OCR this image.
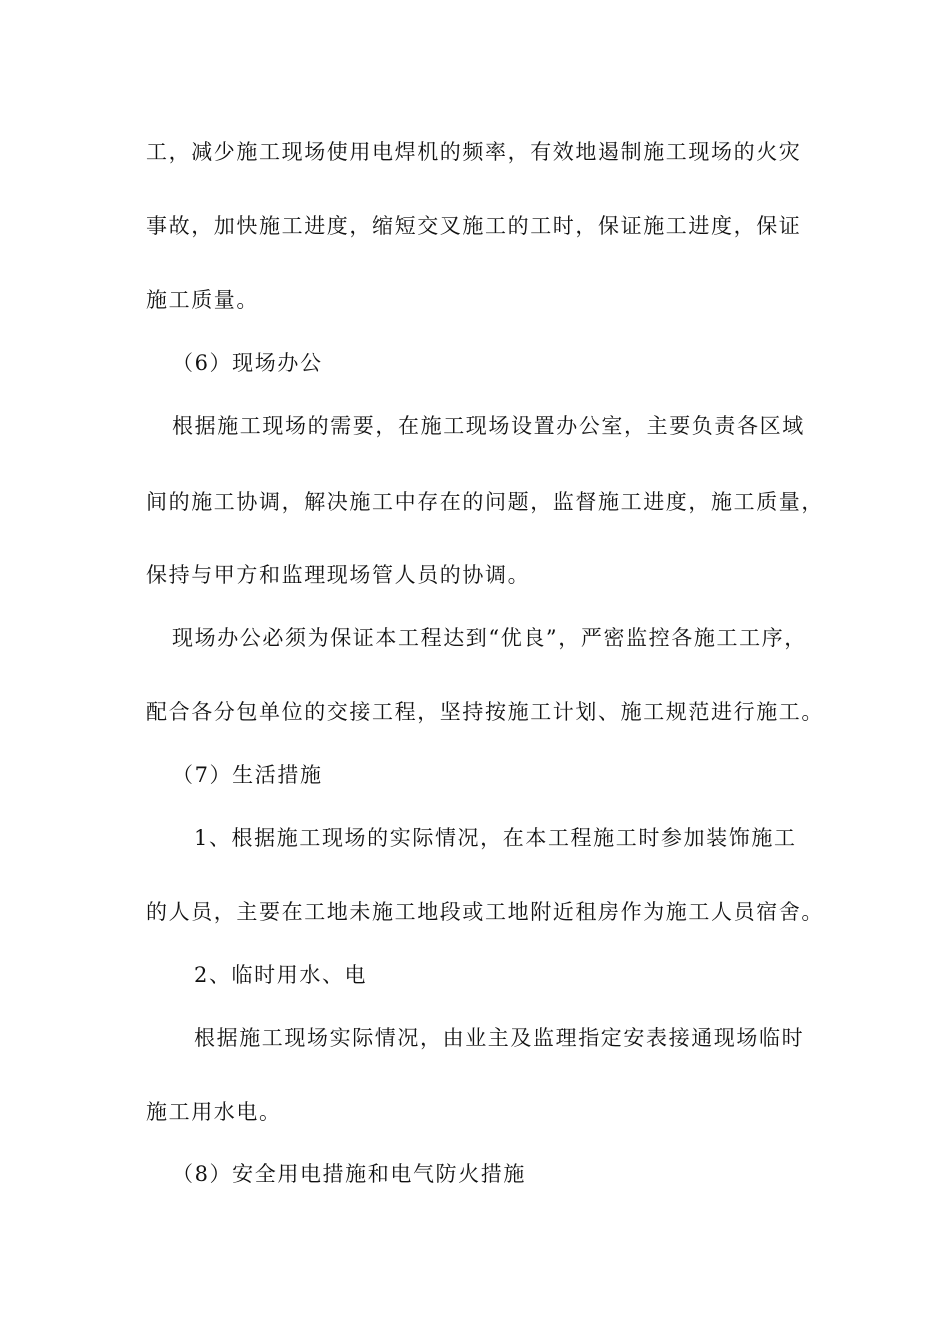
工，减少施工现场使用电焊机的频率，有效地遏制施工现场的火灾
事故，加快施工进度，缩短交叉施工的工时，保证施工进度，保证
施工质量。
（6）现场办公
根据施工现场的需要，在施工现场设置办公室，主要负责各区域
间的施工协调，解决施工中存在的问题，监督施工进度，施工质量，
保持与甲方和监理现场管人员的协调。
现场办公必须为保证本工程达到“优良”，严密监控各施工工序，
配合各分包单位的交接工程，坚持按施工计划、施工规范进行施工。
（7）生活措施
1、根据施工现场的实际情况，在本工程施工时参加装饰施工
的人员，主要在工地未施工地段或工地附近租房作为施工人员宿舍。
2、临时用水、电
根据施工现场实际情况，由业主及监理指定安表接通现场临时
施工用水电。
（8）安全用电措施和电气防火措施
